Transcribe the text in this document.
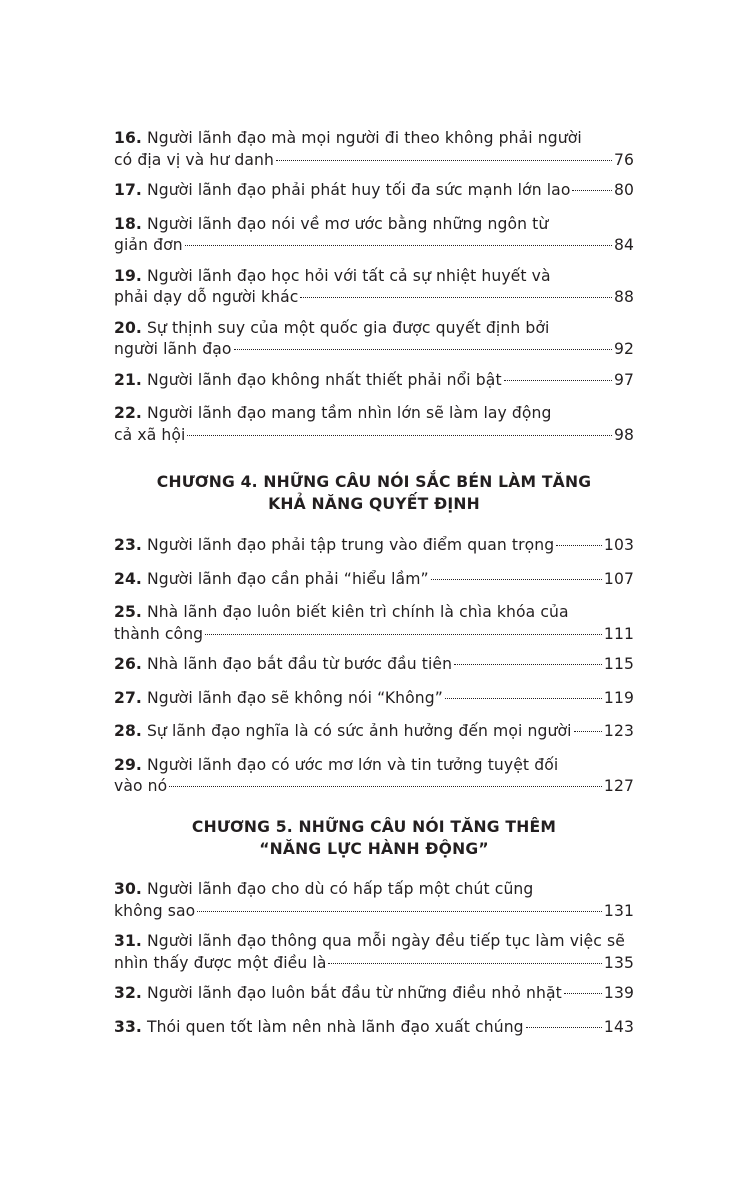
16. Người lãnh đạo mà mọi người đi theo không phải người
có địa vị và hư danh	76
17. Người lãnh đạo phải phát huy tối đa sức mạnh lớn lao	80
18. Người lãnh đạo nói về mơ ước bằng những ngôn từ
giản đơn	84
19. Người lãnh đạo học hỏi với tất cả sự nhiệt huyết và
phải dạy dỗ người khác	88
20. Sự thịnh suy của một quốc gia được quyết định bởi
người lãnh đạo	92
21. Người lãnh đạo không nhất thiết phải nổi bật	97
22. Người lãnh đạo mang tầm nhìn lớn sẽ làm lay động
cả xã hội	98
CHƯƠNG 4. NHỮNG CÂU NÓI SẮC BÉN LÀM TĂNG
KHẢ NĂNG QUYẾT ĐỊNH
23. Người lãnh đạo phải tập trung vào điểm quan trọng	103
24. Người lãnh đạo cần phải “hiểu lầm”	107
25. Nhà lãnh đạo luôn biết kiên trì chính là chìa khóa của
thành công	111
26. Nhà lãnh đạo bắt đầu từ bước đầu tiên	115
27. Người lãnh đạo sẽ không nói “Không”	119
28. Sự lãnh đạo nghĩa là có sức ảnh hưởng đến mọi người 123
29. Người lãnh đạo có ước mơ lớn và tin tưởng tuyệt đối
vào nó	127
CHƯƠNG 5. NHỮNG CÂU NÓI TĂNG THÊM
“NĂNG LỰC HÀNH ĐỘNG”
30. Người lãnh đạo cho dù có hấp tấp một chút cũng
không sao	131
31. Người lãnh đạo thông qua mỗi ngày đều tiếp tục làm việc sẽ
nhìn thấy được một điều là	135
32. Người lãnh đạo luôn bắt đầu từ những điều nhỏ nhặt	139
33. Thói quen tốt làm nên nhà lãnh đạo xuất chúng	143
